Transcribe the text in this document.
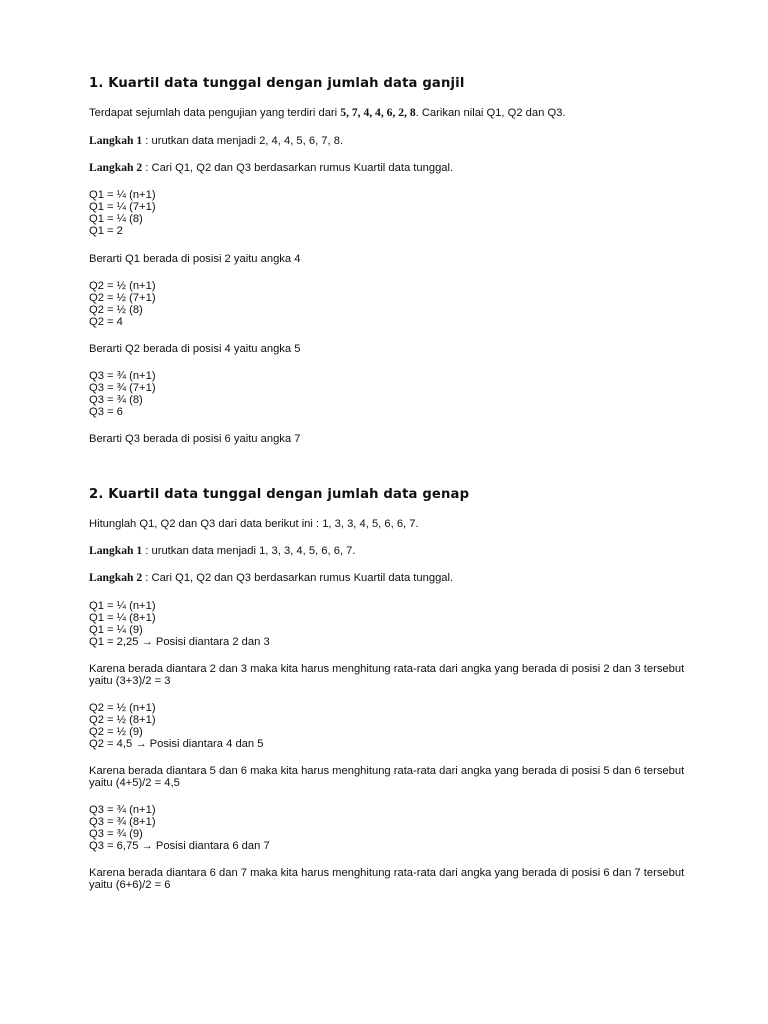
1. Kuartil data tunggal dengan jumlah data ganjil

Terdapat sejumlah data pengujian yang terdiri dari 5, 7, 4, 4, 6, 2, 8. Carikan nilai Q1, Q2 dan Q3.

Langkah 1 : urutkan data menjadi 2, 4, 4, 5, 6, 7, 8.

Langkah 2 : Cari Q1, Q2 dan Q3 berdasarkan rumus Kuartil data tunggal.

Q1 = ¼ (n+1)
Q1 = ¼ (7+1)
Q1 = ¼ (8)
Q1 = 2

Berarti Q1 berada di posisi 2 yaitu angka 4

Q2 = ½ (n+1)
Q2 = ½ (7+1)
Q2 = ½ (8)
Q2 = 4

Berarti Q2 berada di posisi 4 yaitu angka 5

Q3 = ¾ (n+1)
Q3 = ¾ (7+1)
Q3 = ¾ (8)
Q3 = 6

Berarti Q3 berada di posisi 6 yaitu angka 7

2. Kuartil data tunggal dengan jumlah data genap

Hitunglah Q1, Q2 dan Q3 dari data berikut ini : 1, 3, 3, 4, 5, 6, 6, 7.

Langkah 1 : urutkan data menjadi 1, 3, 3, 4, 5, 6, 6, 7.

Langkah 2 : Cari Q1, Q2 dan Q3 berdasarkan rumus Kuartil data tunggal.

Q1 = ¼ (n+1)
Q1 = ¼ (8+1)
Q1 = ¼ (9)
Q1 = 2,25 → Posisi diantara 2 dan 3

Karena berada diantara 2 dan 3 maka kita harus menghitung rata-rata dari angka yang berada di posisi 2 dan 3 tersebut yaitu (3+3)/2 = 3

Q2 = ½ (n+1)
Q2 = ½ (8+1)
Q2 = ½ (9)
Q2 = 4,5 → Posisi diantara 4 dan 5

Karena berada diantara 5 dan 6 maka kita harus menghitung rata-rata dari angka yang berada di posisi 5 dan 6 tersebut yaitu (4+5)/2 = 4,5

Q3 = ¾ (n+1)
Q3 = ¾ (8+1)
Q3 = ¾ (9)
Q3 = 6,75 → Posisi diantara 6 dan 7

Karena berada diantara 6 dan 7 maka kita harus menghitung rata-rata dari angka yang berada di posisi 6 dan 7 tersebut yaitu (6+6)/2 = 6
